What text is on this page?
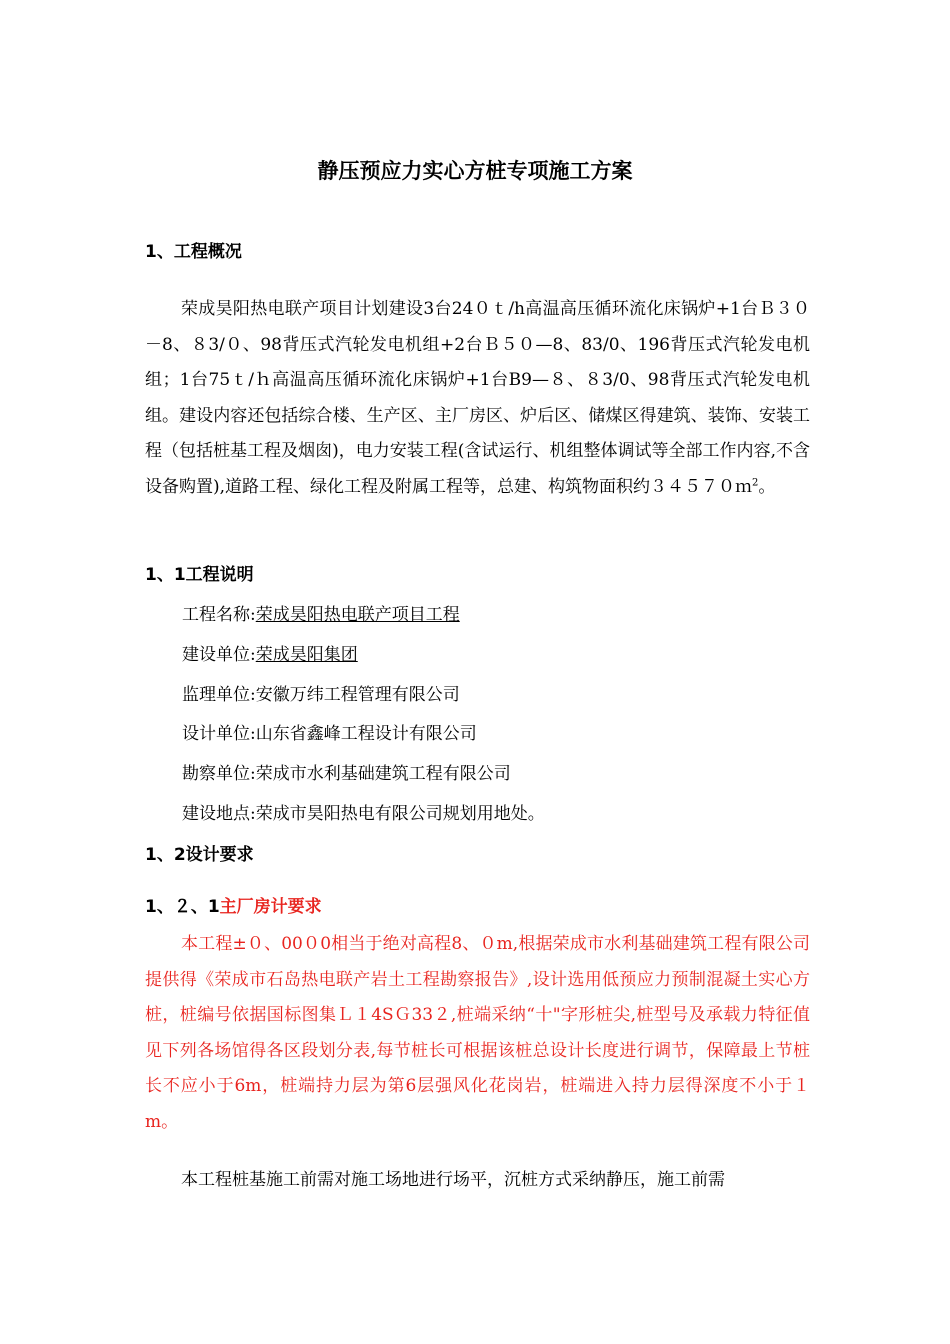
静压预应力实心方桩专项施工方案
1、工程概况

荣成昊阳热电联产项目计划建设3台24０ｔ/h高温高压循环流化床锅炉+1台Ｂ３０－8、８3/０、98背压式汽轮发电机组+2台Ｂ５０—8、83/0、196背压式汽轮发电机组；1台75ｔ/ｈ高温高压循环流化床锅炉+1台B9—８、８3/0、98背压式汽轮发电机组。建设内容还包括综合楼、生产区、主厂房区、炉后区、储煤区得建筑、装饰、安装工程（包括桩基工程及烟囱)，电力安装工程(含试运行、机组整体调试等全部工作内容,不含设备购置),道路工程、绿化工程及附属工程等，总建、构筑物面积约３４５７０ｍ$^2$。

1、1工程说明
工程名称:荣成昊阳热电联产项目工程
建设单位:荣成昊阳集团
监理单位:安徽万纬工程管理有限公司
设计单位:山东省鑫峰工程设计有限公司
勘察单位:荣成市水利基础建筑工程有限公司
建设地点:荣成市昊阳热电有限公司规划用地处。
1、2设计要求
1、２、1主厂房计要求

本工程±０、00０0相当于绝对高程8、０m,根据荣成市水利基础建筑工程有限公司提供得《荣成市石岛热电联产岩土工程勘察报告》,设计选用低预应力预制混凝土实心方桩，桩编号依据国标图集Ｌ１4SＧ33２,桩端采纳“十"字形桩尖,桩型号及承载力特征值见下列各场馆得各区段划分表,每节桩长可根据该桩总设计长度进行调节，保障最上节桩长不应小于6m，桩端持力层为第6层强风化花岗岩，桩端进入持力层得深度不小于１m。

本工程桩基施工前需对施工场地进行场平，沉桩方式采纳静压，施工前需
